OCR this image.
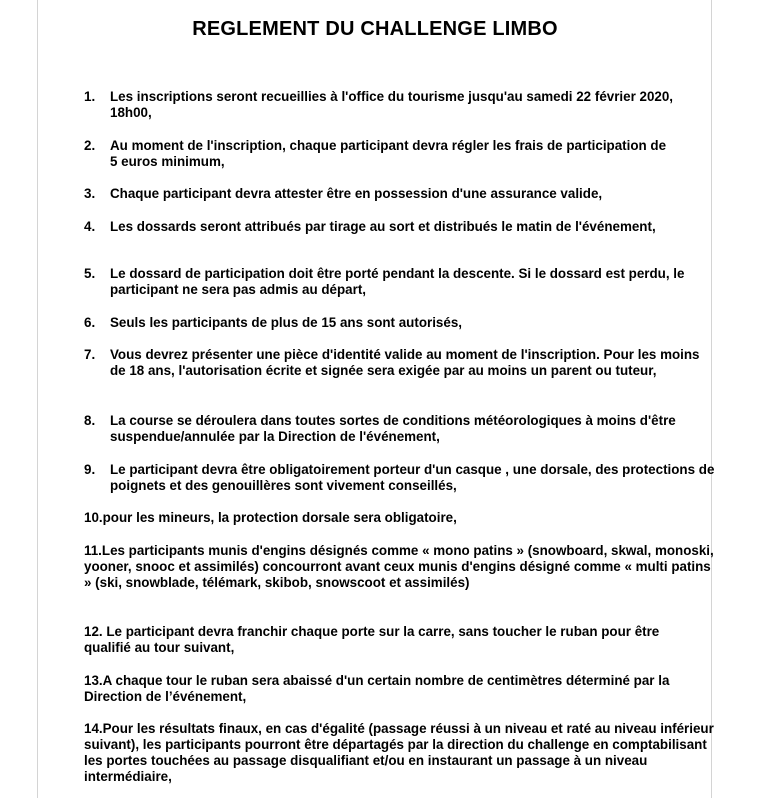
REGLEMENT DU CHALLENGE LIMBO
1. Les inscriptions seront recueillies à l'office du tourisme jusqu'au samedi 22 février 2020, 18h00,
2. Au moment de l'inscription, chaque participant devra régler les frais de participation de 5 euros minimum,
3. Chaque participant devra attester être en possession d'une assurance valide,
4. Les dossards seront attribués par tirage au sort et distribués le matin de l'événement,
5. Le dossard de participation doit être porté pendant la descente. Si le dossard est perdu, le participant ne sera pas admis au départ,
6. Seuls les participants de plus de 15 ans sont autorisés,
7. Vous devrez présenter une pièce d'identité valide au moment de l'inscription. Pour les moins de 18 ans, l'autorisation écrite et signée sera exigée par au moins un parent ou tuteur,
8. La course se déroulera dans toutes sortes de conditions météorologiques à moins d'être suspendue/annulée par la Direction de l'événement,
9. Le participant devra être obligatoirement porteur d'un casque , une dorsale, des protections de poignets et des genouillères sont vivement conseillés,
10.pour les mineurs, la protection dorsale sera obligatoire,
11.Les participants munis d'engins désignés comme « mono patins » (snowboard, skwal, monoski, yooner, snooc et assimilés) concourront avant ceux munis d'engins désigné comme « multi patins » (ski, snowblade, télémark, skibob, snowscoot et assimilés)
12. Le participant devra franchir chaque porte sur la carre, sans toucher le ruban pour être qualifié au tour suivant,
13.A chaque tour le ruban sera abaissé d'un certain nombre de centimètres déterminé par la Direction de l’événement,
14.Pour les résultats finaux, en cas d'égalité (passage réussi à un niveau et raté au niveau inférieur suivant), les participants pourront être départagés par la direction du challenge en comptabilisant les portes touchées au passage disqualifiant et/ou en instaurant un passage à un niveau intermédiaire,
